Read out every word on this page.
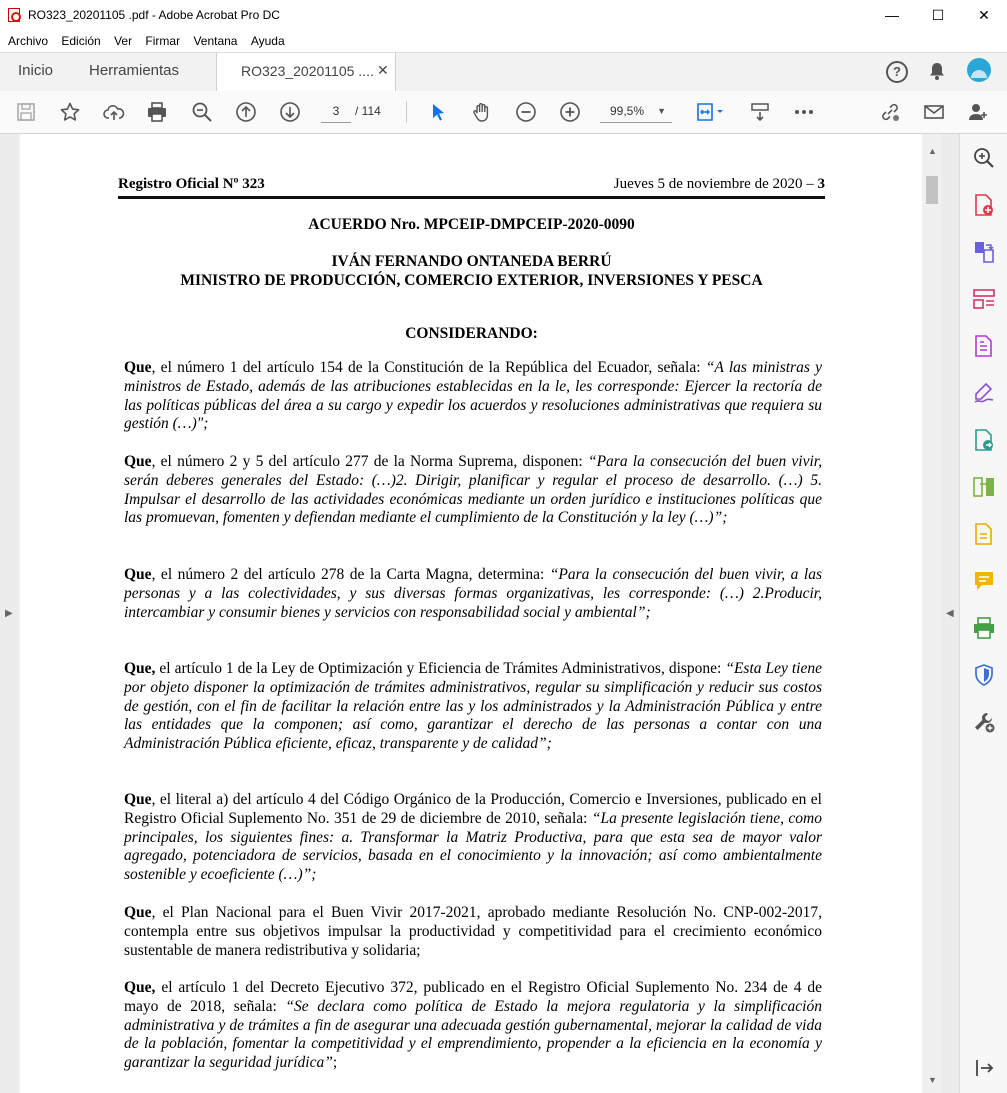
RO323_20201105 .pdf - Adobe Acrobat Pro DC	—	☐	✕
Archivo Edición Ver Firmar Ventana Ayuda
Inicio Herramientas	RO323_20201105 .... ✕	?
3	/ 114	99,5% ▼
▶
Registro Oficial Nº 323	Jueves 5 de noviembre de 2020 – 3
ACUERDO Nro. MPCEIP-DMPCEIP-2020-0090
IVÁN FERNANDO ONTANEDA BERRÚ
MINISTRO DE PRODUCCIÓN, COMERCIO EXTERIOR, INVERSIONES Y PESCA
CONSIDERANDO:
Que, el número 1 del artículo 154 de la Constitución de la República del Ecuador, señala: “A las ministras y ministros de Estado, además de las atribuciones establecidas en la le, les corresponde: Ejercer la rectoría de las políticas públicas del área a su cargo y expedir los acuerdos y resoluciones administrativas que requiera su gestión (…)";
Que, el número 2 y 5 del artículo 277 de la Norma Suprema, disponen: “Para la consecución del buen vivir, serán deberes generales del Estado: (…)2. Dirigir, planificar y regular el proceso de desarrollo. (…) 5. Impulsar el desarrollo de las actividades económicas mediante un orden jurídico e instituciones políticas que las promuevan, fomenten y defiendan mediante el cumplimiento de la Constitución y la ley (…)”;
Que, el número 2 del artículo 278 de la Carta Magna, determina: “Para la consecución del buen vivir, a las personas y a las colectividades, y sus diversas formas organizativas, les corresponde: (…) 2.Producir, intercambiar y consumir bienes y servicios con responsabilidad social y ambiental”;
Que, el artículo 1 de la Ley de Optimización y Eficiencia de Trámites Administrativos, dispone: “Esta Ley tiene por objeto disponer la optimización de trámites administrativos, regular su simplificación y reducir sus costos de gestión, con el fin de facilitar la relación entre las y los administrados y la Administración Pública y entre las entidades que la componen; así como, garantizar el derecho de las personas a contar con una Administración Pública eficiente, eficaz, transparente y de calidad”;
Que, el literal a) del artículo 4 del Código Orgánico de la Producción, Comercio e Inversiones, publicado en el Registro Oficial Suplemento No. 351 de 29 de diciembre de 2010, señala: “La presente legislación tiene, como principales, los siguientes fines: a. Transformar la Matriz Productiva, para que esta sea de mayor valor agregado, potenciadora de servicios, basada en el conocimiento y la innovación; así como ambientalmente sostenible y ecoeficiente (…)”;
Que, el Plan Nacional para el Buen Vivir 2017-2021, aprobado mediante Resolución No. CNP-002-2017, contempla entre sus objetivos impulsar la productividad y competitividad para el crecimiento económico sustentable de manera redistributiva y solidaria;
Que, el artículo 1 del Decreto Ejecutivo 372, publicado en el Registro Oficial Suplemento No. 234 de 4 de mayo de 2018, señala: “Se declara como política de Estado la mejora regulatoria y la simplificación administrativa y de trámites a fin de asegurar una adecuada gestión gubernamental, mejorar la calidad de vida de la población, fomentar la competitividad y el emprendimiento, propender a la eficiencia en la economía y garantizar la seguridad jurídica”;
▲
▼
◀
